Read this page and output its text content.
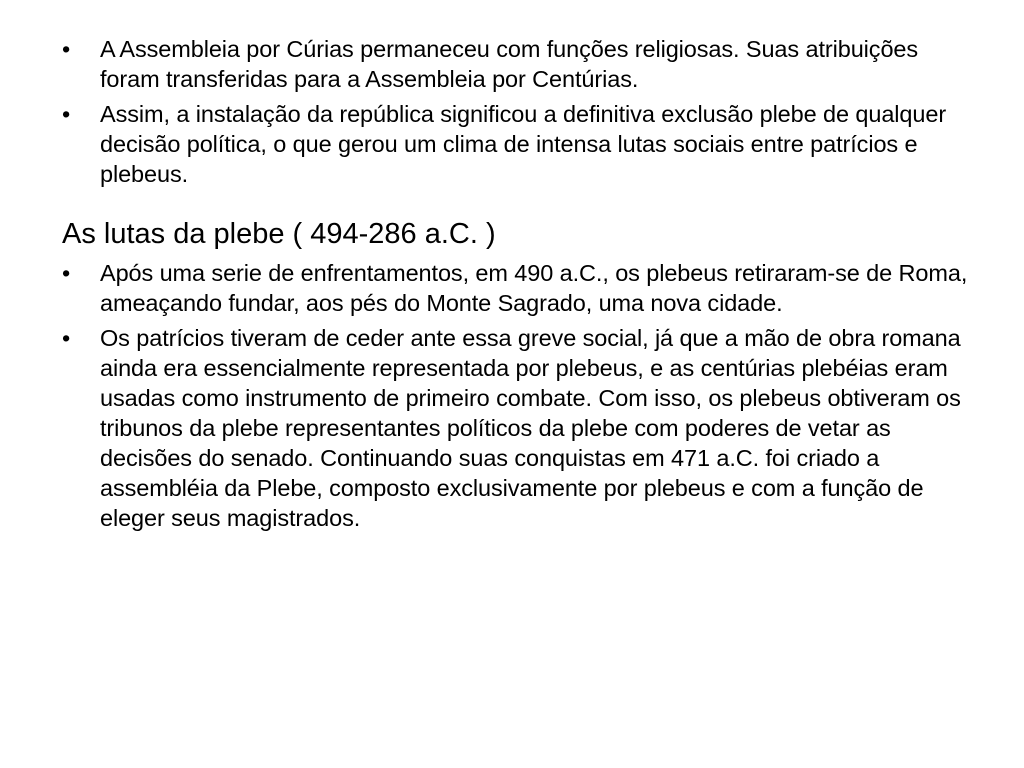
•	A Assembleia por Cúrias permaneceu com funções religiosas. Suas atribuições foram transferidas para a Assembleia por Centúrias.
•	Assim, a instalação da república significou a definitiva exclusão plebe de qualquer decisão política, o que gerou um clima de intensa lutas sociais entre patrícios e plebeus.
As lutas da plebe ( 494-286 a.C. )
•	Após uma serie de enfrentamentos, em 490 a.C., os plebeus retiraram-se de Roma, ameaçando fundar, aos pés do Monte Sagrado, uma nova cidade.
•	Os patrícios tiveram de ceder ante essa greve social, já que a mão de obra romana ainda era essencialmente representada por plebeus, e as centúrias plebéias eram usadas como instrumento de primeiro combate. Com isso, os plebeus obtiveram os tribunos da plebe representantes políticos da plebe com poderes de vetar as decisões do senado. Continuando suas conquistas em 471 a.C. foi criado a assembléia da Plebe, composto exclusivamente por plebeus e com a função de eleger seus magistrados.
